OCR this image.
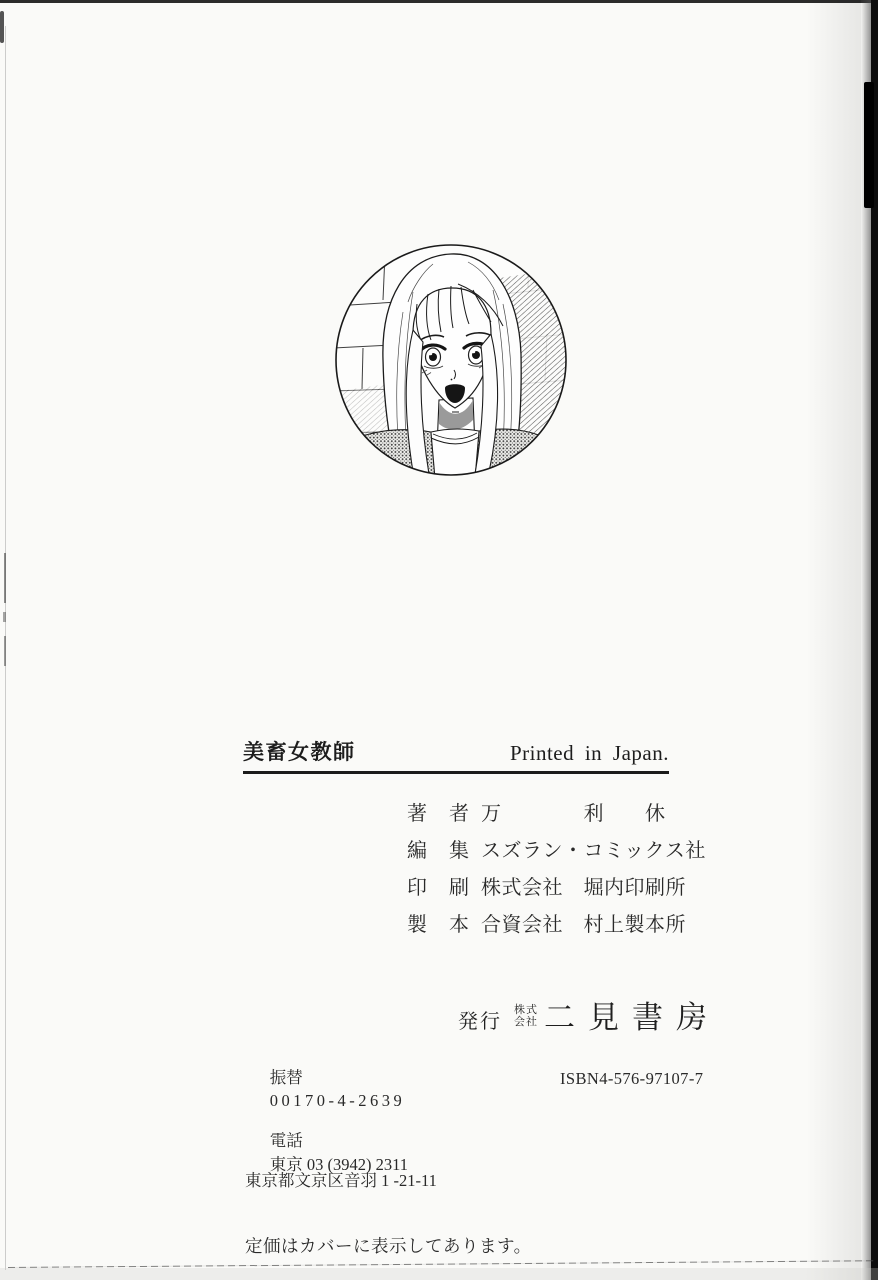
美畜女教師	Printed in Japan.
著　者 万　　　　利　　休
編　集 スズラン・コミックス社
印　刷 株式会社　堀内印刷所
製　本 合資会社　村上製本所

振替
00170-4-2639

電話
東京 03 (3942) 2311

東京都文京区音羽 1 -21-11

定価はカバーに表示してあります。

発行
株式
会社 二見書房
ISBN4-576-97107-7
